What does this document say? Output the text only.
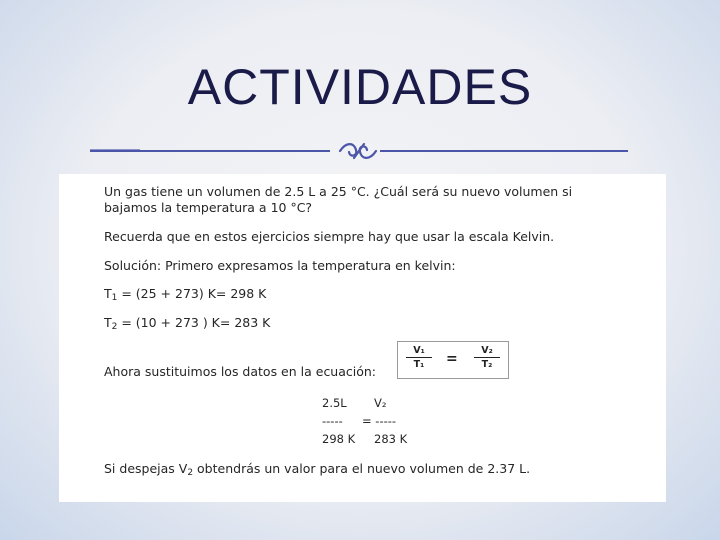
ACTIVIDADES
Un gas tiene un volumen de 2.5 L a 25 °C. ¿Cuál será su nuevo volumen si
bajamos la temperatura a 10 °C?
Recuerda que en estos ejercicios siempre hay que usar la escala Kelvin.
Solución: Primero expresamos la temperatura en kelvin:
$T_1 = (25 + 273)$ K= 298 K
$T_2 = (10 + 273$ ) K= 283 K
Ahora sustituimos los datos en la ecuación:
$\frac{\text{V₁}}{\text{T₁}} = \frac{\text{V₂}}{\text{T₂}}$
2.5L V₂
----- = -----
298 K 283 K
Si despejas $V_2$ obtendrás un valor para el nuevo volumen de 2.37 L.
